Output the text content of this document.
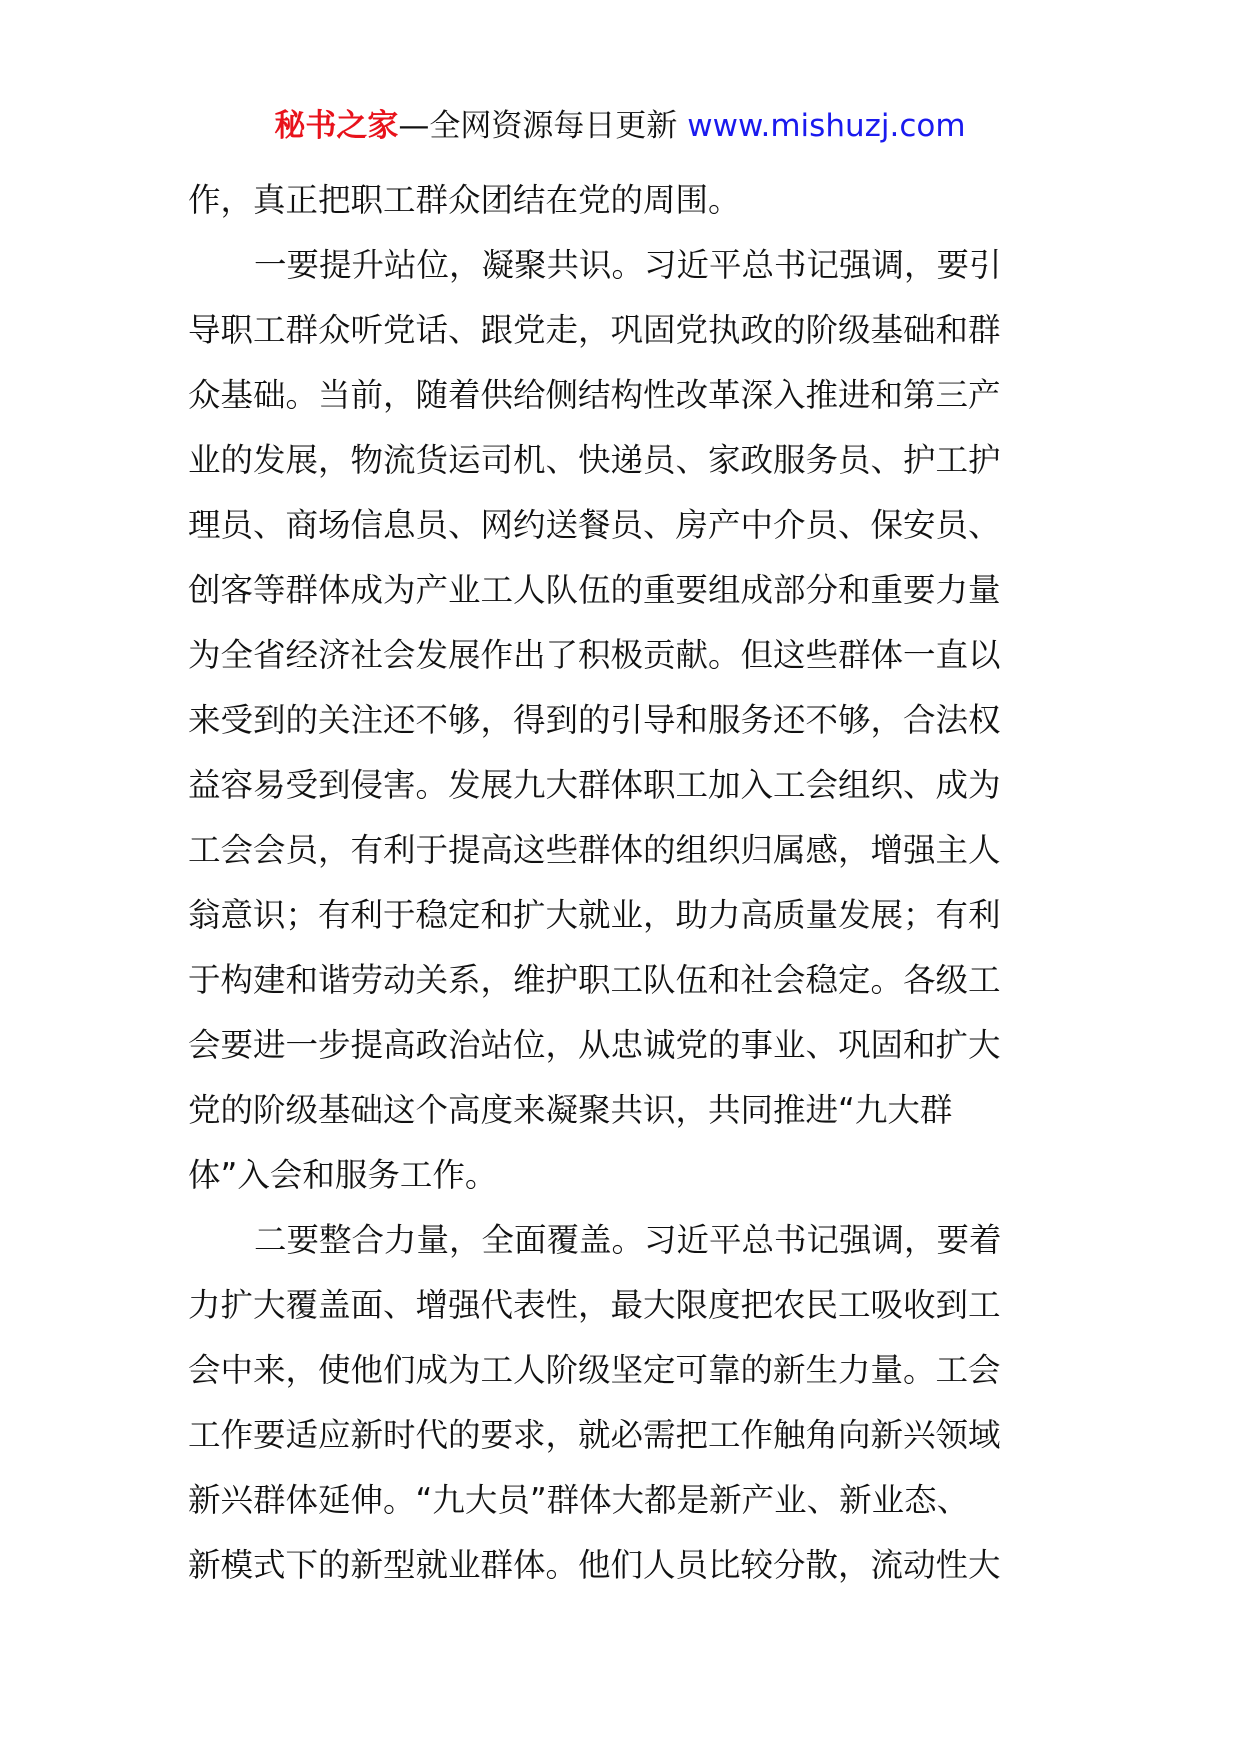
秘书之家—全网资源每日更新 www.mishuzj.com
作，真正把职工群众团结在党的周围。
一要提升站位，凝聚共识。习近平总书记强调，要引
导职工群众听党话、跟党走，巩固党执政的阶级基础和群
众基础。当前，随着供给侧结构性改革深入推进和第三产
业的发展，物流货运司机、快递员、家政服务员、护工护
理员、商场信息员、网约送餐员、房产中介员、保安员、
创客等群体成为产业工人队伍的重要组成部分和重要力量
为全省经济社会发展作出了积极贡献。但这些群体一直以
来受到的关注还不够，得到的引导和服务还不够，合法权
益容易受到侵害。发展九大群体职工加入工会组织、成为
工会会员，有利于提高这些群体的组织归属感，增强主人
翁意识；有利于稳定和扩大就业，助力高质量发展；有利
于构建和谐劳动关系，维护职工队伍和社会稳定。各级工
会要进一步提高政治站位，从忠诚党的事业、巩固和扩大
党的阶级基础这个高度来凝聚共识，共同推进“九大群
体”入会和服务工作。
二要整合力量，全面覆盖。习近平总书记强调，要着
力扩大覆盖面、增强代表性，最大限度把农民工吸收到工
会中来，使他们成为工人阶级坚定可靠的新生力量。工会
工作要适应新时代的要求，就必需把工作触角向新兴领域
新兴群体延伸。“九大员”群体大都是新产业、新业态、
新模式下的新型就业群体。他们人员比较分散，流动性大
